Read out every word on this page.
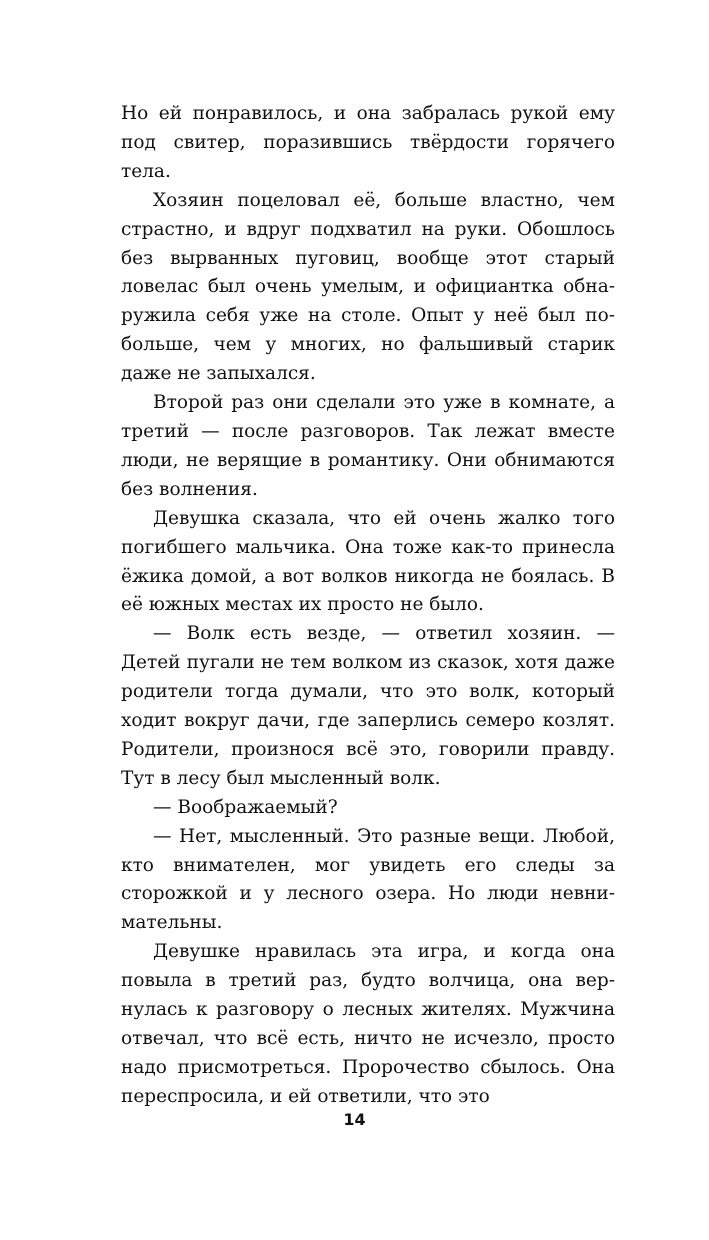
Но ей понравилось, и она забралась рукой ему под свитер, поразившись твёрдости горячего тела.

Хозяин поцеловал её, больше властно, чем страстно, и вдруг подхватил на руки. Обошлось без вырванных пуговиц, вообще этот старый ловелас был очень умелым, и официантка обнаружила себя уже на столе. Опыт у неё был побольше, чем у многих, но фальшивый старик даже не запыхался.

Второй раз они сделали это уже в комнате, а третий — после разговоров. Так лежат вместе люди, не верящие в романтику. Они обнимаются без волнения.

Девушка сказала, что ей очень жалко того погибшего мальчика. Она тоже как-то принесла ёжика домой, а вот волков никогда не боялась. В её южных местах их просто не было.

— Волк есть везде, — ответил хозяин. — Детей пугали не тем волком из сказок, хотя даже родители тогда думали, что это волк, который ходит вокруг дачи, где заперлись семеро козлят. Родители, произнося всё это, говорили правду. Тут в лесу был мысленный волк.

— Воображаемый?

— Нет, мысленный. Это разные вещи. Любой, кто внимателен, мог увидеть его следы за сторожкой и у лесного озера. Но люди невнимательны.

Девушке нравилась эта игра, и когда она повыла в третий раз, будто волчица, она вернулась к разговору о лесных жителях. Мужчина отвечал, что всё есть, ничто не исчезло, просто надо присмотреться. Пророчество сбылось. Она переспросила, и ей ответили, что это

14
